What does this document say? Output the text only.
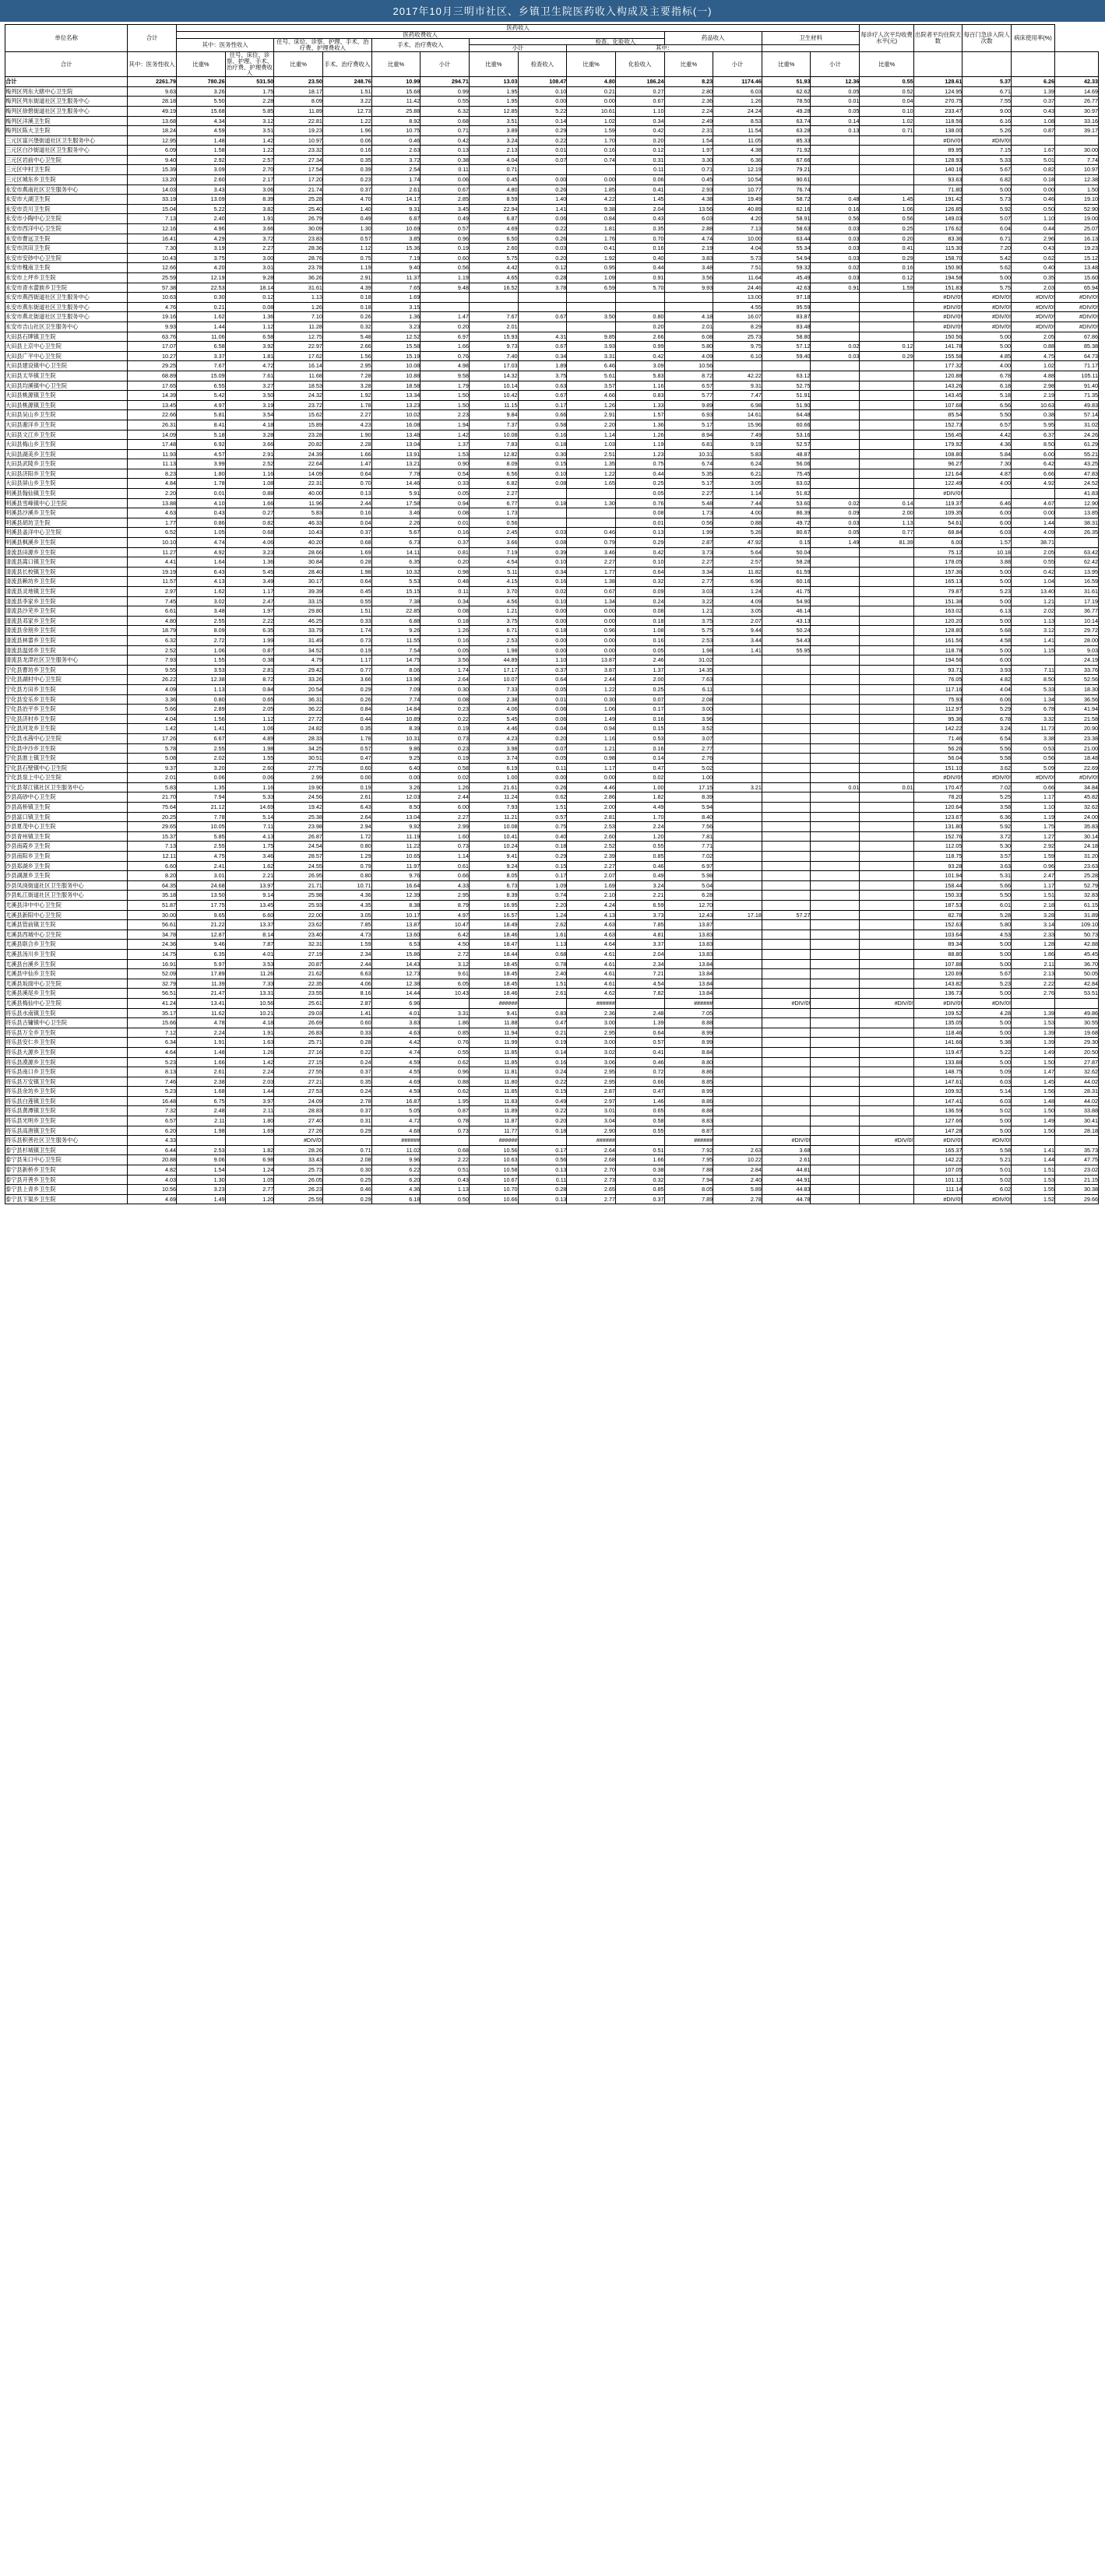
2017年10月三明市社区、乡镇卫生院医药收入构成及主要指标(一)
单位名称	合计	医药收入														每诊疗人次平均收费水平(元)	出院者平均住院天数	每百门急诊入院人次数	病床使用率(%)	
		医药收费收入										药品收入		卫生材料						
		其中：医务性收入		住号、床位、诊察、护理、手术、治疗费、护理费收入		手术、治疗费收入		检查、化验收入												
								小计		其中：										
合计	其中：医务性收入	比重%	住号、床位、诊察、护理、手术、治疗费、护理费收入	比重%	手术、治疗费收入	比重%	小计	比重%	检查收入	比重%	化验收入	比重%	小计	比重%	小计	比重%				
合计	2261.79	780.26	531.50	23.50	248.76	10.99	294.71	13.03	108.47	4.80	186.24	8.23	1174.46	51.93	12.36	0.55	128.61	5.37	6.26	42.33
梅列区列东大辖中心卫生院	9.63	3.26	1.75	18.17	1.51	15.68	0.99	1.95	0.10	0.21	0.27	2.80	6.03	62.62	0.05	0.52	124.95	6.71	1.39	14.69
梅列区列东街道社区卫生服务中心	28.18	5.50	2.28	8.09	3.22	11.42	0.55	1.95	0.00	0.00	0.67	2.36	1.26	78.50	0.01	0.04	270.75	7.55	0.37	26.77
梅列区徐碧街道社区卫生服务中心	49.19	15.68	5.85	11.89	12.73	25.88	6.32	12.85	5.22	10.61	1.10	2.24	24.24	49.28	0.05	0.10	233.47	9.00	0.43	30.97
梅列区洋溪卫生院	13.68	4.34	3.12	22.81	1.22	8.92	0.68	3.51	0.14	1.02	0.34	2.49	8.53	63.74	0.14	1.02	118.56	6.16	1.08	33.16
梅列区陈大卫生院	18.24	4.59	3.51	19.23	1.96	10.75	0.71	3.89	0.29	1.59	0.42	2.31	11.54	63.28	0.13	0.71	138.00	5.26	0.87	39.17
三元区富兴堡街道社区卫生服务中心	12.95	1.48	1.42	10.97	0.06	0.46	0.42	3.24	0.22	1.70	0.20	1.54	11.05	85.33			#DIV/0!	#DIV/0!		
三元区白沙街道社区卫生服务中心	6.09	1.58	1.22	23.32	0.16	2.63	0.13	2.13	0.01	0.16	0.12	1.97	4.38	71.92			89.95	7.15	1.67	30.00
三元区岩前中心卫生院	9.40	2.92	2.57	27.34	0.35	3.72	0.38	4.04	0.07	0.74	0.31	3.30	6.36	67.66			128.93	5.33	5.01	7.74
三元区中村卫生院	15.39	3.09	2.70	17.54	0.39	2.54	0.11	0.71			0.11	0.71	12.19	79.21			140.16	5.67	0.82	10.97
三元区城东乡卫生院	13.20	2.60	2.17	17.20	0.23	1.74	0.06	0.45	0.00	0.00	0.06	0.45	10.54	90.61			93.63	6.82	0.18	12.38
永安市燕南社区卫生服务中心	14.03	3.43	3.06	21.74	0.37	2.61	0.67	4.80	0.26	1.85	0.41	2.93	10.77	76.74			71.80	5.00	0.00	1.50
永安市大湖卫生院	33.19	13.09	8.39	25.28	4.70	14.17	2.85	8.59	1.40	4.22	1.45	4.38	19.49	58.72	0.48	1.45	191.42	5.73	0.46	19.10
永安市贡川卫生院	15.04	5.22	3.82	25.40	1.40	9.31	3.45	22.94	1.41	9.38	2.04	13.56	40.89	62.16	0.16	1.06	126.85	5.92	0.50	52.90
永安市小陶中心卫生院	7.13	2.40	1.91	26.79	0.49	6.87	0.49	6.87	0.06	0.84	0.43	6.03	4.20	58.91	0.56	0.56	149.03	5.07	1.10	19.00
永安市西洋中心卫生院	12.16	4.96	3.66	30.09	1.30	10.69	0.57	4.69	0.22	1.81	0.35	2.88	7.13	58.63	0.03	0.25	176.62	6.04	0.44	25.07
永安市曹远卫生院	16.41	4.29	3.72	23.83	0.57	3.85	0.96	6.50	0.26	1.76	0.70	4.74	10.00	63.44	0.03	0.20	83.36	6.71	2.96	16.13
永安市洪田卫生院	7.30	3.19	2.27	28.36	1.12	15.36	0.19	2.60	0.03	0.41	0.16	2.19	4.04	55.34	0.03	0.41	115.30	7.20	0.43	19.23
永安市安砂中心卫生院	10.43	3.75	3.00	28.76	0.75	7.19	0.60	5.75	0.20	1.92	0.40	3.83	5.73	54.94	0.03	0.29	158.70	5.42	0.62	15.12
永安市槐南卫生院	12.66	4.20	3.01	23.78	1.19	9.40	0.56	4.42	0.12	0.95	0.44	3.48	7.51	59.32	0.02	0.16	150.90	5.62	0.40	13.48
永安市上坪乡卫生院	25.59	12.19	9.28	36.26	2.91	11.37	1.19	4.65	0.28	1.09	0.91	3.56	11.64	45.49	0.03	0.12	194.58	5.00	0.35	15.60
永安市青水畲族乡卫生院	57.38	22.53	18.14	31.61	4.39	7.65	9.48	16.52	3.78	6.59	5.70	9.93	24.46	42.63	0.91	1.59	151.83	5.75	2.03	65.94
永安市燕西街道社区卫生服务中心	10.63	0.30	0.12	1.13	0.18	1.69							13.00	97.18			#DIV/0!	#DIV/0!	#DIV/0!	#DIV/0!
永安市燕东街道社区卫生服务中心	4.76	0.21	0.08	1.26	0.18	3.15							4.55	95.59			#DIV/0!	#DIV/0!	#DIV/0!	#DIV/0!
永安市燕北街道社区卫生服务中心	19.16	1.62	1.36	7.10	0.26	1.36	1.47	7.67	0.67	3.50	0.80	4.18	16.07	83.87			#DIV/0!	#DIV/0!	#DIV/0!	#DIV/0!
永安市吉山社区卫生服务中心	9.93	1.44	1.12	11.28	0.32	3.23	0.20	2.01			0.20	2.01	8.29	83.48			#DIV/0!	#DIV/0!	#DIV/0!	#DIV/0!
大田县石牌镇卫生院	63.76	11.06	6.58	12.75	5.48	12.52	6.97	15.93	4.31	9.85	2.66	6.08	25.73	58.80			150.56	5.00	2.05	67.86
大田县上京中心卫生院	17.07	6.58	3.92	22.97	2.66	15.58	1.66	9.73	0.67	3.93	0.99	5.80	9.75	57.12	0.02	0.12	141.78	5.00	0.88	85.38
大田县广平中心卫生院	10.27	3.37	1.81	17.62	1.56	15.19	0.76	7.40	0.34	3.31	0.42	4.09	6.10	59.40	0.03	0.29	155.58	4.85	4.75	64.73
大田县建设镇中心卫生院	29.25	7.67	4.72	16.14	2.95	10.08	4.98	17.03	1.89	6.46	3.09	10.56					177.32	4.00	1.02	71.17
大田县太华镇卫生院	68.89	15.09	7.61	11.68	7.28	10.88	9.58	14.32	3.75	5.61	5.83	8.72	42.22	63.12			120.88	6.78	4.88	105.11
大田县均溪镇中心卫生院	17.65	6.55	3.27	18.53	3.28	18.58	1.79	10.14	0.63	3.57	1.16	6.57	9.31	52.75			143.26	6.18	2.98	91.40
大田县桃源镇卫生院	14.39	5.42	3.50	24.32	1.92	13.34	1.50	10.42	0.67	4.66	0.83	5.77	7.47	51.91			143.45	5.18	2.19	71.35
大田县桃源镇卫生院	13.45	4.97	3.19	23.72	1.78	13.23	1.50	11.15	0.17	1.26	1.33	9.89	6.98	51.90			107.68	6.56	10.63	49.83
大田县吴山乡卫生院	22.66	5.81	3.54	15.62	2.27	10.02	2.23	9.84	0.66	2.91	1.57	6.93	14.61	64.48			85.54	5.50	0.38	57.14
大田县谢洋乡卫生院	26.31	8.41	4.18	15.89	4.23	16.08	1.94	7.37	0.58	2.20	1.36	5.17	15.96	60.66			152.73	6.57	5.95	31.02
大田县文江乡卫生院	14.09	5.18	3.28	23.28	1.90	13.48	1.42	10.08	0.16	1.14	1.26	8.94	7.49	53.16			156.45	4.42	6.37	24.26
大田县梅山乡卫生院	17.48	6.92	3.66	20.82	2.28	13.04	1.37	7.83	0.18	1.03	1.19	6.81	9.19	52.57			179.92	4.36	8.50	61.29
大田县湖美乡卫生院	11.93	4.57	2.91	24.39	1.66	13.91	1.53	12.82	0.30	2.51	1.23	10.31	5.83	48.87			108.80	5.84	6.00	55.21
大田县武陵乡卫生院	11.13	3.99	2.52	22.64	1.47	13.21	0.90	8.09	0.15	1.35	0.75	6.74	6.24	56.06			96.27	7.30	6.42	43.25
大田县济阳乡卫生院	8.23	1.80	1.16	14.09	0.64	7.78	0.54	6.56	0.10	1.22	0.44	5.35	6.21	75.45			121.64	4.87	6.66	47.83
大田县屏山乡卫生院	4.84	1.78	1.08	22.31	0.70	14.46	0.33	6.82	0.08	1.65	0.25	5.17	3.05	63.02			122.49	4.00	4.92	24.52
明溪县翰仙镇卫生院	2.20	0.01	0.88	40.00	0.13	5.91	0.05	2.27			0.05	2.27	1.14	51.82			#DIV/0!			41.83
明溪县雪峰镇中心卫生院	13.88	4.10	1.66	11.96	2.44	17.58	0.94	6.77	0.18	1.30	0.76	5.48	7.44	53.60	0.02	0.14	119.37	6.46	4.67	12.90
明溪县沙溪乡卫生院	4.63	0.43	0.27	5.83	0.16	3.46	0.08	1.73			0.08	1.73	4.00	86.39	0.09	2.00	109.35	6.00	0.00	13.85
明溪县胡坊卫生院	1.77	0.86	0.82	46.33	0.04	2.26	0.01	0.56			0.01	0.56	0.88	49.72	0.03	1.13	54.61	6.00	1.44	38.31
明溪县盖洋中心卫生院	6.52	1.05	0.68	10.43	0.37	5.67	0.16	2.45	0.03	0.46	0.13	1.99	5.26	80.67	0.05	0.77	68.84	6.03	4.09	26.35
明溪县枫溪乡卫生院	10.10	4.74	4.06	40.20	0.68	6.73	0.37	3.66	0.08	0.79	0.29	2.87	47.92	0.15	1.49	81.39	6.00	1.57	38.71	
清流县田源乡卫生院	11.27	4.92	3.23	28.66	1.69	14.11	0.81	7.19	0.39	3.46	0.42	3.73	5.64	50.04			75.12	10.18	2.05	63.42
清流县嵩口镇卫生院	4.41	1.64	1.36	30.84	0.28	6.35	0.20	4.54	0.10	2.27	0.10	2.27	2.57	58.28			178.05	3.88	0.55	62.42
清流县长校镇卫生院	19.19	6.43	5.45	28.40	1.98	10.32	0.98	5.11	0.34	1.77	0.64	3.34	11.82	61.59			157.36	5.00	0.42	13.95
清流县赖坊乡卫生院	11.57	4.13	3.49	30.17	0.64	5.53	0.48	4.15	0.16	1.38	0.32	2.77	6.96	60.16			165.13	5.00	1.04	16.59
清流县灵地镇卫生院	2.97	1.62	1.17	39.39	0.45	15.15	0.11	3.70	0.02	0.67	0.09	3.03	1.24	41.75			79.87	5.23	13.40	31.61
清流县李家乡卫生院	7.45	3.02	2.47	33.15	0.55	7.38	0.34	4.56	0.10	1.34	0.24	3.22	4.09	54.90			151.38	5.00	1.21	17.19
清流县沙芜乡卫生院	6.61	3.48	1.97	29.80	1.51	22.85	0.08	1.21	0.00	0.00	0.08	1.21	3.05	46.14			163.02	6.13	2.02	36.77
清流县邓家乡卫生院	4.80	2.55	2.22	46.25	0.33	6.88	0.18	3.75	0.00	0.00	0.18	3.75	2.07	43.13			120.20	5.00	1.13	10.14
清流县余朋乡卫生院	18.79	8.09	6.35	33.79	1.74	9.26	1.26	6.71	0.18	0.96	1.08	5.75	9.44	50.24			128.80	5.68	3.12	29.72
清流县林畲乡卫生院	6.32	2.72	1.99	31.49	0.73	11.55	0.16	2.53	0.00	0.00	0.16	2.53	3.44	54.43			161.56	4.58	1.41	28.00
清流县温郊乡卫生院	2.52	1.06	0.87	34.52	0.19	7.54	0.05	1.98	0.00	0.00	0.05	1.98	1.41	55.95			118.78	5.00	1.15	9.03
清流县龙津社区卫生服务中心	7.93	1.55	0.38	4.79	1.17	14.75	3.56	44.89	1.10	13.87	2.46	31.02					194.56	6.00		24.19
宁化县曹坊乡卫生院	9.55	3.53	2.81	29.42	0.77	8.06	1.74	17.17	0.37	3.87	1.37	14.35					93.71	3.93	7.11	33.76
宁化县湖村中心卫生院	26.22	12.38	8.72	33.26	3.66	13.96	2.64	10.07	0.64	2.44	2.00	7.63					76.05	4.82	8.50	52.56
宁化县方田乡卫生院	4.09	1.13	0.84	20.54	0.29	7.09	0.30	7.33	0.05	1.22	0.25	6.11					117.16	4.04	5.33	18.30
宁化县安乐乡卫生院	3.36	0.80	0.65	36.31	0.26	7.74	0.08	2.38	0.01	0.30	0.07	2.08					75.93	6.06	1.34	36.56
宁化县治平乡卫生院	5.66	2.89	2.05	36.22	0.84	14.84	0.23	4.06	0.06	1.06	0.17	3.00					112.97	5.29	6.78	41.94
宁化县济村乡卫生院	4.04	1.56	1.12	27.72	0.44	10.89	0.22	5.45	0.06	1.49	0.16	3.96					95.36	6.78	3.32	21.58
宁化县河龙乡卫生院	1.42	1.41	1.06	24.82	0.35	8.39	0.19	4.46	0.04	0.94	0.15	3.52					142.22	3.24	11.73	20.90
宁化县水茜中心卫生院	17.26	6.67	4.89	28.33	1.78	10.31	0.73	4.23	0.20	1.16	0.53	3.07					71.46	6.54	3.38	23.38
宁化县中沙乡卫生院	5.78	2.55	1.98	34.25	0.57	9.86	0.23	3.98	0.07	1.21	0.16	2.77					56.26	5.56	0.53	21.00
宁化县淮土镇卫生院	5.08	2.02	1.55	30.51	0.47	9.25	0.19	3.74	0.05	0.98	0.14	2.76					56.04	5.58	0.56	18.48
宁化县石壁镇中心卫生院	9.37	3.20	2.60	27.75	0.60	6.40	0.58	6.19	0.11	1.17	0.47	5.02					151.10	3.62	5.09	22.69
宁化县泉上中心卫生院	2.01	0.06	0.06	2.99	0.00	0.00	0.02	1.00	0.00	0.00	0.02	1.00					#DIV/0!	#DIV/0!	#DIV/0!	#DIV/0!
宁化县翠江镇社区卫生服务中心	5.83	1.35	1.16	19.90	0.19	3.26	1.26	21.61	0.26	4.46	1.00	17.15	3.21		0.01	0.01	170.47	7.02	0.66	34.84
沙县高砂中心卫生院	21.70	7.94	5.33	24.56	2.61	12.03	2.44	11.24	0.62	2.86	1.82	8.39					78.20	5.25	1.17	45.82
沙县高桥镇卫生院	75.64	21.12	14.69	19.42	6.43	8.50	6.00	7.93	1.51	2.00	4.49	5.94					120.64	3.58	1.10	32.62
沙县富口镇卫生院	20.25	7.78	5.14	25.38	2.64	13.04	2.27	11.21	0.57	2.81	1.70	8.40					123.67	6.36	1.19	24.00
沙县夏茂中心卫生院	29.65	10.05	7.11	23.98	2.94	9.92	2.99	10.08	0.75	2.53	2.24	7.56					131.80	5.92	1.75	35.83
沙县青州镇卫生院	15.37	5.85	4.13	26.87	1.72	11.19	1.60	10.41	0.40	2.60	1.20	7.81					152.76	3.72	1.27	30.14
沙县南霞乡卫生院	7.13	2.55	1.75	24.54	0.80	11.22	0.73	10.24	0.18	2.52	0.55	7.71					112.05	5.30	2.92	24.18
沙县南阳乡卫生院	12.11	4.75	3.46	28.57	1.29	10.65	1.14	9.41	0.29	2.39	0.85	7.02					118.75	3.57	1.59	31.20
沙县郑湖乡卫生院	6.60	2.41	1.62	24.55	0.79	11.97	0.61	9.24	0.15	2.27	0.46	6.97					93.28	3.63	0.96	23.63
沙县湖源乡卫生院	8.20	3.01	2.21	26.95	0.80	9.76	0.66	8.05	0.17	2.07	0.49	5.98					101.94	5.31	2.47	25.28
沙县凤岗街道社区卫生服务中心	64.35	24.68	13.97	21.71	10.71	16.64	4.33	6.73	1.09	1.69	3.24	5.04					158.44	5.66	1.17	52.79
沙县虬江街道社区卫生服务中心	35.18	13.50	9.14	25.98	4.36	12.39	2.95	8.39	0.74	2.10	2.21	6.28					150.33	5.50	1.51	32.83
尤溪县洋中中心卫生院	51.87	17.75	13.45	25.93	4.35	8.38	8.79	16.95	2.20	4.24	6.59	12.70					187.53	6.01	2.18	61.15
尤溪县新阳中心卫生院	30.00	9.65	6.60	22.00	3.05	10.17	4.97	16.57	1.24	4.13	3.73	12.43	17.18	57.27			82.78	5.28	3.28	31.89
尤溪县管前镇卫生院	56.61	21.22	13.37	23.62	7.85	13.87	10.47	18.49	2.62	4.63	7.85	13.87					152.63	5.80	3.14	109.10
尤溪县西城中心卫生院	34.78	12.87	8.14	23.40	4.73	13.60	6.42	18.46	1.61	4.63	4.81	13.83					103.64	4.53	2.33	50.73
尤溪县联合乡卫生院	24.36	9.46	7.87	32.31	1.59	6.53	4.50	18.47	1.13	4.64	3.37	13.83					89.34	5.00	1.28	42.88
尤溪县汤川乡卫生院	14.75	6.35	4.01	27.19	2.34	15.86	2.72	18.44	0.68	4.61	2.04	13.83					88.80	5.00	1.86	45.45
尤溪县台溪乡卫生院	16.91	5.97	3.53	20.87	2.44	14.43	3.12	18.45	0.78	4.61	2.34	13.84					107.88	5.00	2.11	36.70
尤溪县中仙乡卫生院	52.09	17.89	11.26	21.62	6.63	12.73	9.61	18.45	2.40	4.61	7.21	13.84					120.69	5.67	2.13	50.05
尤溪县坂面中心卫生院	32.79	11.39	7.33	22.35	4.06	12.38	6.05	18.45	1.51	4.61	4.54	13.84					143.82	5.23	2.22	42.84
尤溪县溪尾乡卫生院	56.51	21.47	13.31	23.55	8.16	14.44	10.43	18.46	2.61	4.62	7.82	13.84					136.73	5.00	2.76	53.51
尤溪县梅仙中心卫生院	41.24	13.41	10.56	25.61	2.87	6.96		######		######		######		#DIV/0!		#DIV/0!	#DIV/0!	#DIV/0!		
将乐县水南镇卫生院	35.17	11.62	10.21	29.03	1.41	4.01	3.31	9.41	0.83	2.36	2.48	7.05					109.52	4.28	1.39	49.86
将乐县古镛镇中心卫生院	15.66	4.78	4.18	26.69	0.60	3.83	1.86	11.88	0.47	3.00	1.39	8.88					135.05	5.00	1.53	30.55
将乐县万全乡卫生院	7.12	2.24	1.91	26.83	0.33	4.63	0.85	11.94	0.21	2.95	0.64	8.99					118.46	5.00	1.39	19.68
将乐县安仁乡卫生院	6.34	1.91	1.63	25.71	0.28	4.42	0.76	11.99	0.19	3.00	0.57	8.99					141.66	5.38	1.39	29.30
将乐县大源乡卫生院	4.64	1.48	1.26	27.16	0.22	4.74	0.55	11.85	0.14	3.02	0.41	8.84					119.47	5.22	1.49	20.50
将乐县漠源乡卫生院	5.23	1.66	1.42	27.15	0.24	4.59	0.62	11.85	0.16	3.06	0.46	8.80					133.88	5.00	1.50	27.87
将乐县南口乡卫生院	8.13	2.61	2.24	27.55	0.37	4.55	0.96	11.81	0.24	2.95	0.72	8.86					148.75	5.09	1.47	32.62
将乐县万安镇卫生院	7.46	2.38	2.03	27.21	0.35	4.69	0.88	11.80	0.22	2.95	0.66	8.85					147.61	6.03	1.45	44.02
将乐县余坊乡卫生院	5.23	1.68	1.44	27.53	0.24	4.59	0.62	11.85	0.15	2.87	0.47	8.99					109.92	5.14	1.56	28.31
将乐县白莲镇卫生院	16.48	6.75	3.97	24.09	2.78	16.87	1.95	11.83	0.49	2.97	1.46	8.86					147.41	6.03	1.48	44.02
将乐县黄潭镇卫生院	7.32	2.48	2.11	28.83	0.37	5.05	0.87	11.89	0.22	3.01	0.65	8.88					136.59	5.02	1.50	33.88
将乐县光明乡卫生院	6.57	2.11	1.80	27.40	0.31	4.72	0.78	11.87	0.20	3.04	0.58	8.83					127.66	5.00	1.49	30.41
将乐县高唐镇卫生院	6.20	1.98	1.69	27.26	0.29	4.68	0.73	11.77	0.18	2.90	0.55	8.87					147.28	5.00	1.50	28.18
将乐县积善社区卫生服务中心	4.33			#DIV/0!		######		######		######		######		#DIV/0!		#DIV/0!	#DIV/0!	#DIV/0!		
泰宁县杉城镇卫生院	6.44	2.53	1.82	28.26	0.71	11.02	0.68	10.56	0.17	2.64	0.51	7.92	2.63	3.68			165.37	5.58	1.41	35.73
泰宁县朱口中心卫生院	20.88	9.06	6.98	33.43	2.08	9.96	2.22	10.63	0.56	2.68	1.66	7.95	10.22	2.61			142.22	5.21	1.44	47.75
泰宁县新桥乡卫生院	4.82	1.54	1.24	25.73	0.30	6.22	0.51	10.58	0.13	2.70	0.38	7.88	2.84	44.81			107.05	5.01	1.51	23.02
泰宁县开善乡卫生院	4.03	1.30	1.05	26.05	0.25	6.20	0.43	10.67	0.11	2.73	0.32	7.94	2.40	44.91			101.12	5.02	1.53	21.15
泰宁县上青乡卫生院	10.56	3.23	2.77	26.23	0.46	4.36	1.13	10.70	0.28	2.65	0.85	8.05	5.89	44.83			111.14	6.02	1.55	30.38
泰宁县下渠乡卫生院	4.69	1.49	1.20	25.59	0.29	6.18	0.50	10.66	0.13	2.77	0.37	7.89	2.78	44.78			#DIV/0!	#DIV/0!	1.52	29.66
